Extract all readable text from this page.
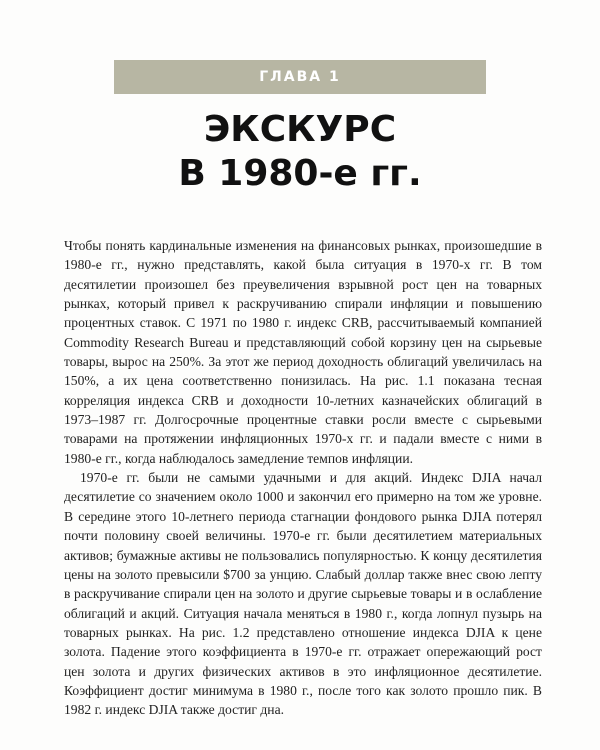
ГЛАВА 1
ЭКСКУРС
В 1980-е гг.

Чтобы понять кардинальные изменения на финансовых рынках, произошедшие в 1980-е гг., нужно представлять, какой была ситуация в 1970-х гг. В том десятилетии произошел без преувеличения взрывной рост цен на товарных рынках, который привел к раскручиванию спирали инфляции и повышению процентных ставок. С 1971 по 1980 г. индекс CRB, рассчитываемый компанией Commodity Research Bureau и представляющий собой корзину цен на сырьевые товары, вырос на 250%. За этот же период доходность облигаций увеличилась на 150%, а их цена соответственно понизилась. На рис. 1.1 показана тесная корреляция индекса CRB и доходности 10-летних казначейских облигаций в 1973–1987 гг. Долгосрочные процентные ставки росли вместе с сырьевыми товарами на протяжении инфляционных 1970-х гг. и падали вместе с ними в 1980-е гг., когда наблюдалось замедление темпов инфляции.

1970-е гг. были не самыми удачными и для акций. Индекс DJIA начал десятилетие со значением около 1000 и закончил его примерно на том же уровне. В середине этого 10-летнего периода стагнации фондового рынка DJIA потерял почти половину своей величины. 1970-е гг. были десятилетием материальных активов; бумажные активы не пользовались популярностью. К концу десятилетия цены на золото превысили $700 за унцию. Слабый доллар также внес свою лепту в раскручивание спирали цен на золото и другие сырьевые товары и в ослабление облигаций и акций. Ситуация начала меняться в 1980 г., когда лопнул пузырь на товарных рынках. На рис. 1.2 представлено отношение индекса DJIA к цене золота. Падение этого коэффициента в 1970-е гг. отражает опережающий рост цен золота и других физических активов в это инфляционное десятилетие. Коэффициент достиг минимума в 1980 г., после того как золото прошло пик. В 1982 г. индекс DJIA также достиг дна.
